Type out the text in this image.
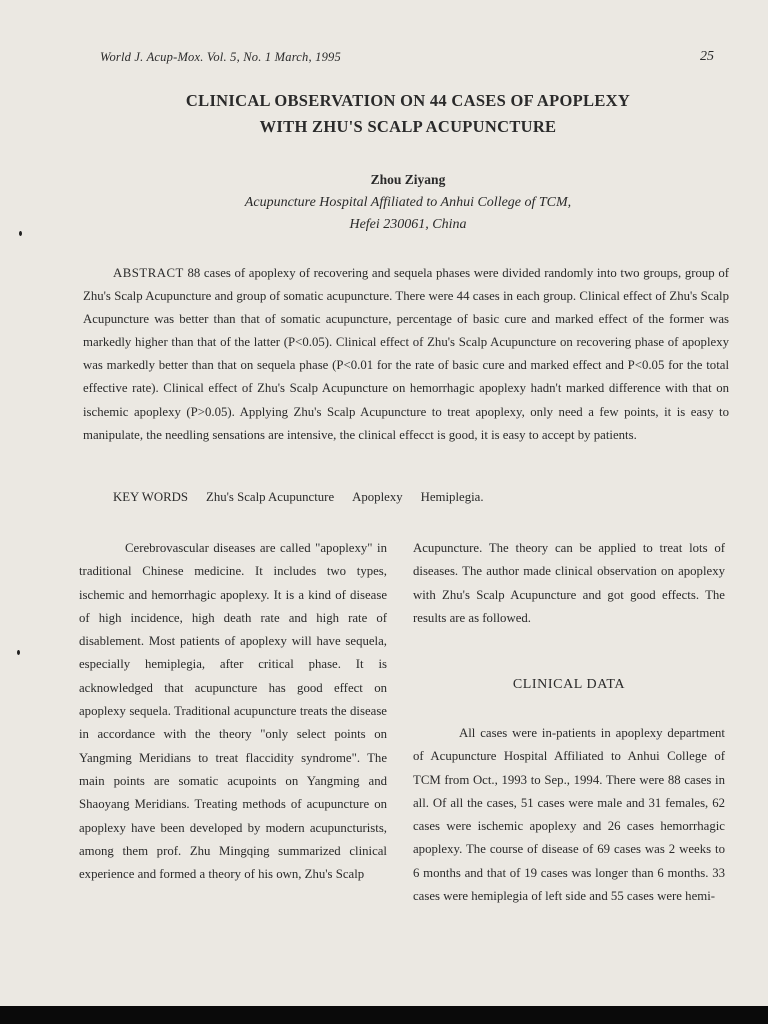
World J. Acup-Mox. Vol. 5, No. 1 March, 1995	25
CLINICAL OBSERVATION ON 44 CASES OF APOPLEXY
WITH ZHU'S SCALP ACUPUNCTURE
Zhou Ziyang
Acupuncture Hospital Affiliated to Anhui College of TCM,
Hefei 230061, China

ABSTRACT 88 cases of apoplexy of recovering and sequela phases were divided randomly into two groups, group of Zhu's Scalp Acupuncture and group of somatic acupuncture. There were 44 cases in each group. Clinical effect of Zhu's Scalp Acupuncture was better than that of somatic acupuncture, percentage of basic cure and marked effect of the former was markedly higher than that of the latter (P<0.05). Clinical effect of Zhu's Scalp Acupuncture on recovering phase of apoplexy was markedly better than that on sequela phase (P<0.01 for the rate of basic cure and marked effect and P<0.05 for the total effective rate). Clinical effect of Zhu's Scalp Acupuncture on hemorrhagic apoplexy hadn't marked difference with that on ischemic apoplexy (P>0.05). Applying Zhu's Scalp Acupuncture to treat apoplexy, only need a few points, it is easy to manipulate, the needling sensations are intensive, the clinical effecct is good, it is easy to accept by patients.

KEY WORDS Zhu's Scalp Acupuncture Apoplexy Hemiplegia.

Cerebrovascular diseases are called "apoplexy" in traditional Chinese medicine. It includes two types, ischemic and hemorrhagic apoplexy. It is a kind of disease of high incidence, high death rate and high rate of disablement. Most patients of apoplexy will have sequela, especially hemiplegia, after critical phase. It is acknowledged that acupuncture has good effect on apoplexy sequela. Traditional acupuncture treats the disease in accordance with the theory "only select points on Yangming Meridians to treat flaccidity syndrome". The main points are somatic acupoints on Yangming and Shaoyang Meridians. Treating methods of acupuncture on apoplexy have been developed by modern acupuncturists, among them prof. Zhu Mingqing summarized clinical experience and formed a theory of his own, Zhu's Scalp

Acupuncture. The theory can be applied to treat lots of diseases. The author made clinical observation on apoplexy with Zhu's Scalp Acupuncture and got good effects. The results are as followed.

CLINICAL DATA

All cases were in-patients in apoplexy department of Acupuncture Hospital Affiliated to Anhui College of TCM from Oct., 1993 to Sep., 1994. There were 88 cases in all. Of all the cases, 51 cases were male and 31 females, 62 cases were ischemic apoplexy and 26 cases hemorrhagic apoplexy. The course of disease of 69 cases was 2 weeks to 6 months and that of 19 cases was longer than 6 months. 33 cases were hemiplegia of left side and 55 cases were hemi-
